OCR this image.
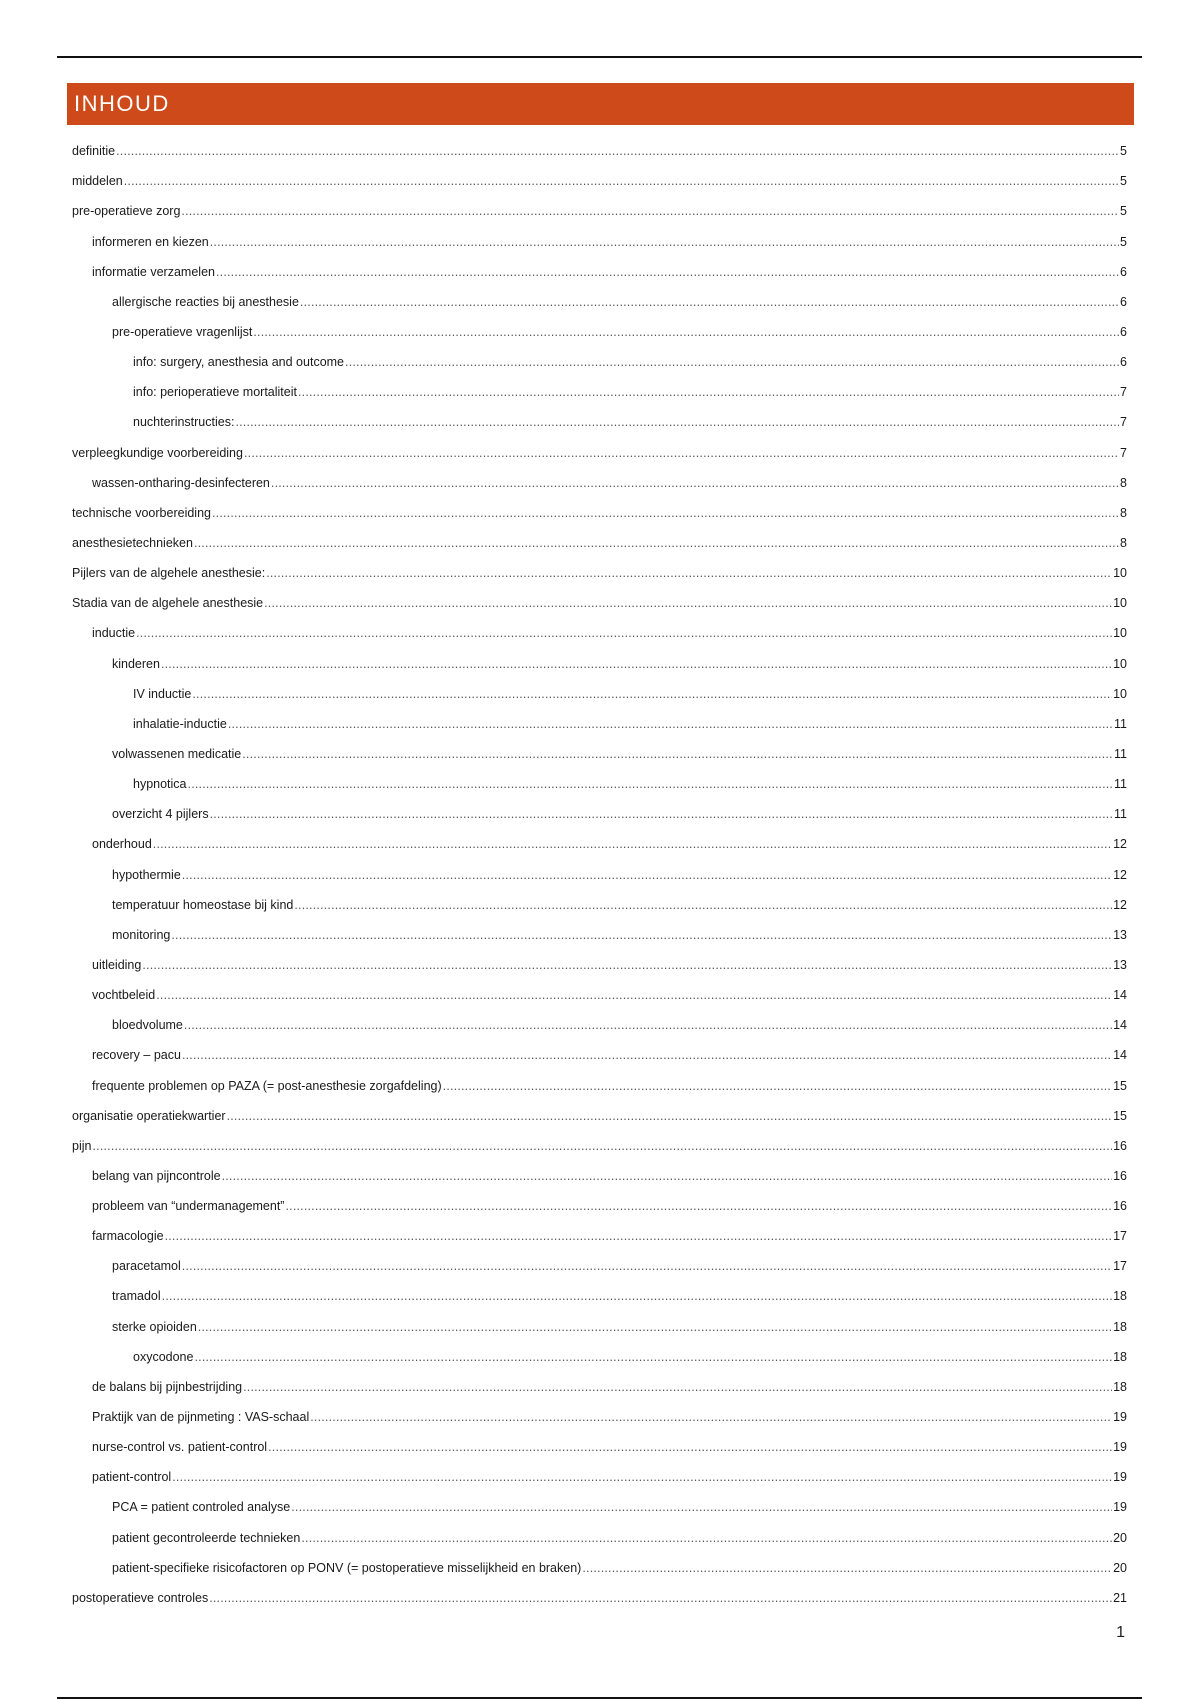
INHOUD
definitie .....	5
middelen .....	5
pre-operatieve zorg .....	5
informeren en kiezen .....	5
informatie verzamelen .....	6
allergische reacties bij anesthesie .....	6
pre-operatieve vragenlijst .....	6
info: surgery, anesthesia and outcome .....	6
info: perioperatieve mortaliteit .....	7
nuchterinstructies: .....	7
verpleegkundige voorbereiding .....	7
wassen-ontharing-desinfecteren .....	8
technische voorbereiding .....	8
anesthesietechnieken .....	8
Pijlers van de algehele anesthesie: .....	10
Stadia van de algehele anesthesie .....	10
inductie .....	10
kinderen .....	10
IV inductie .....	10
inhalatie-inductie .....	11
volwassenen medicatie .....	11
hypnotica .....	11
overzicht 4 pijlers .....	11
onderhoud .....	12
hypothermie .....	12
temperatuur homeostase bij kind .....	12
monitoring .....	13
uitleiding .....	13
vochtbeleid .....	14
bloedvolume .....	14
recovery – pacu .....	14
frequente problemen op PAZA (= post-anesthesie zorgafdeling) .....	15
organisatie operatiekwartier .....	15
pijn .....	16
belang van pijncontrole .....	16
probleem van “undermanagement” .....	16
farmacologie .....	17
paracetamol .....	17
tramadol .....	18
sterke opioiden .....	18
oxycodone .....	18
de balans bij pijnbestrijding .....	18
Praktijk van de pijnmeting : VAS-schaal .....	19
nurse-control vs. patient-control .....	19
patient-control .....	19
PCA = patient controled analyse .....	19
patient gecontroleerde technieken .....	20
patient-specifieke risicofactoren op PONV (= postoperatieve misselijkheid en braken) .....	20
postoperatieve controles .....	21
1
